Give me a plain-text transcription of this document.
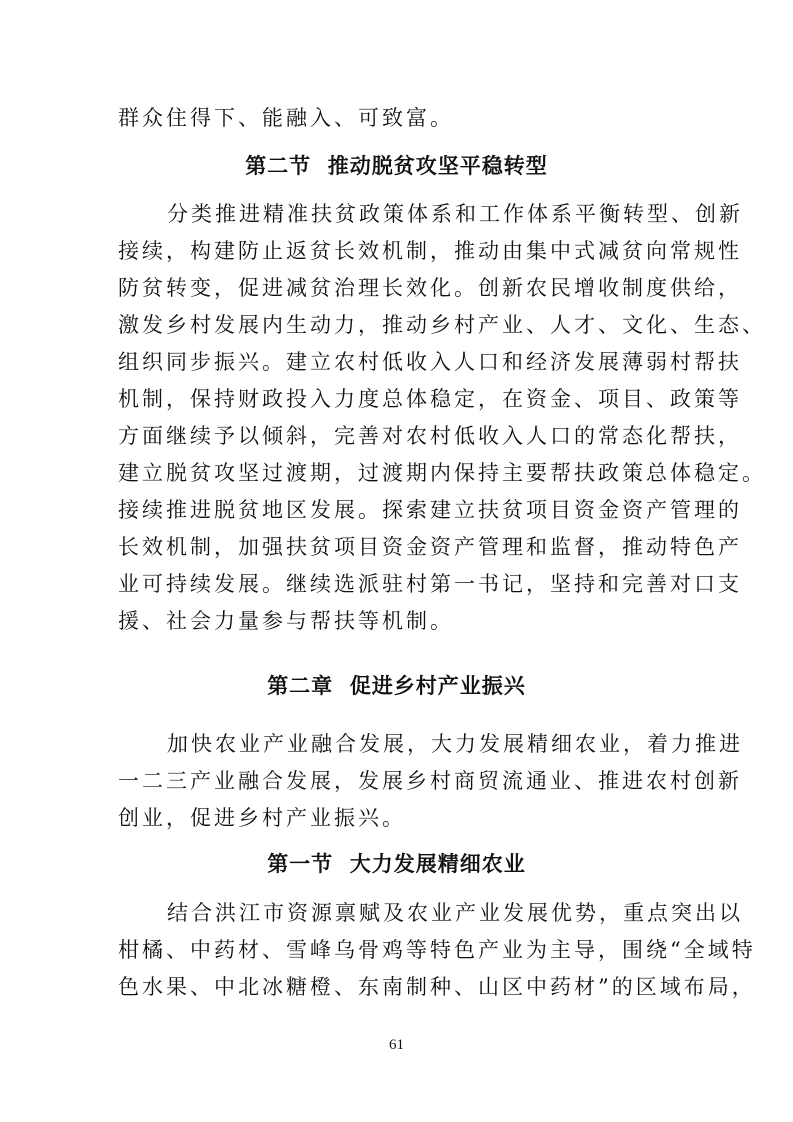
群众住得下、能融入、可致富。
第二节  推动脱贫攻坚平稳转型
分类推进精准扶贫政策体系和工作体系平衡转型、创新
接续，构建防止返贫长效机制，推动由集中式减贫向常规性
防贫转变，促进减贫治理长效化。创新农民增收制度供给，
激发乡村发展内生动力，推动乡村产业、人才、文化、生态、
组织同步振兴。建立农村低收入人口和经济发展薄弱村帮扶
机制，保持财政投入力度总体稳定，在资金、项目、政策等
方面继续予以倾斜，完善对农村低收入人口的常态化帮扶，
建立脱贫攻坚过渡期，过渡期内保持主要帮扶政策总体稳定。
接续推进脱贫地区发展。探索建立扶贫项目资金资产管理的
长效机制，加强扶贫项目资金资产管理和监督，推动特色产
业可持续发展。继续选派驻村第一书记，坚持和完善对口支
援、社会力量参与帮扶等机制。
第二章  促进乡村产业振兴
加快农业产业融合发展，大力发展精细农业，着力推进
一二三产业融合发展，发展乡村商贸流通业、推进农村创新
创业，促进乡村产业振兴。
第一节  大力发展精细农业
结合洪江市资源禀赋及农业产业发展优势，重点突出以
柑橘、中药材、雪峰乌骨鸡等特色产业为主导，围绕“全域特
色水果、中北冰糖橙、东南制种、山区中药材”的区域布局，
61
